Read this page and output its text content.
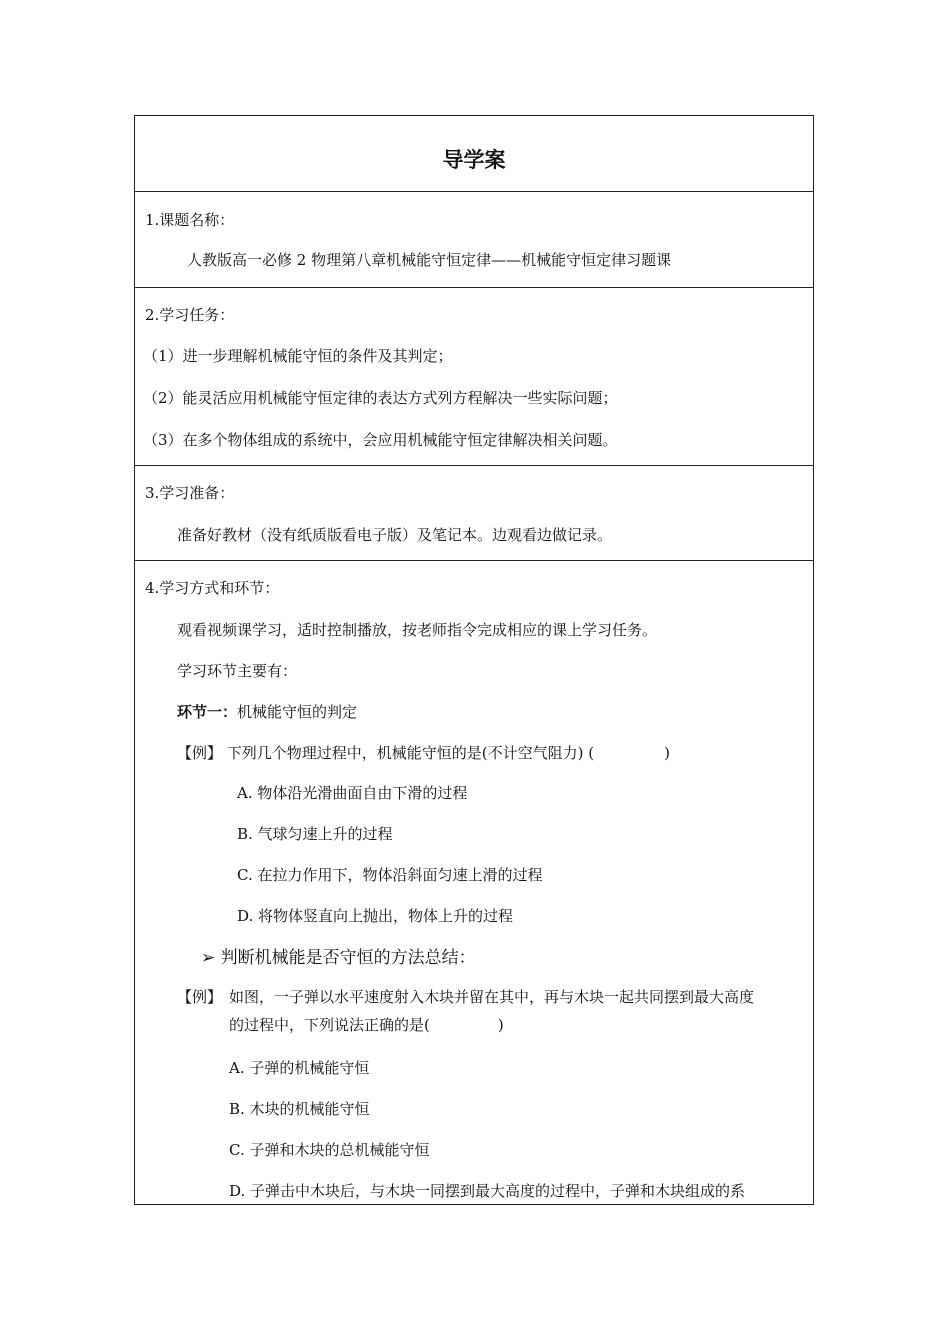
导学案
1.课题名称：
人教版高一必修 2 物理第八章机械能守恒定律——机械能守恒定律习题课
2.学习任务：
（1）进一步理解机械能守恒的条件及其判定；
（2）能灵活应用机械能守恒定律的表达方式列方程解决一些实际问题；
（3）在多个物体组成的系统中，会应用机械能守恒定律解决相关问题。
3.学习准备：
准备好教材（没有纸质版看电子版）及笔记本。边观看边做记录。
4.学习方式和环节：
观看视频课学习，适时控制播放，按老师指令完成相应的课上学习任务。
学习环节主要有：
环节一：机械能守恒的判定
【例】 下列几个物理过程中，机械能守恒的是(不计空气阻力) (	)
A. 物体沿光滑曲面自由下滑的过程
B. 气球匀速上升的过程
C. 在拉力作用下，物体沿斜面匀速上滑的过程
D. 将物体竖直向上抛出，物体上升的过程
➢ 判断机械能是否守恒的方法总结：
【例】 如图，一子弹以水平速度射入木块并留在其中，再与木块一起共同摆到最大高度
的过程中，下列说法正确的是(	)
A. 子弹的机械能守恒
B. 木块的机械能守恒
C. 子弹和木块的总机械能守恒
D. 子弹击中木块后，与木块一同摆到最大高度的过程中，子弹和木块组成的系
